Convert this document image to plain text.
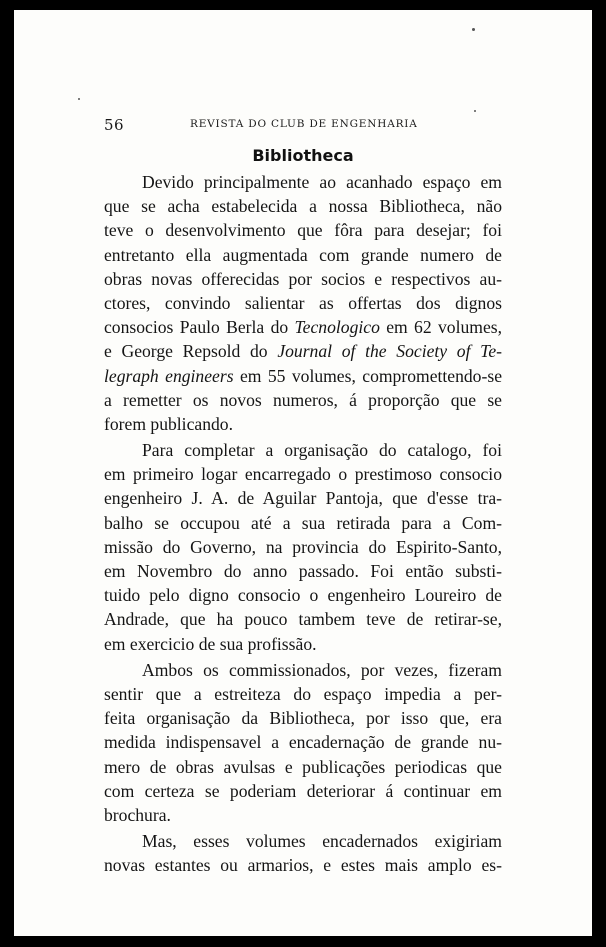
56	REVISTA DO CLUB DE ENGENHARIA
Bibliotheca

Devido principalmente ao acanhado espaço em
que se acha estabelecida a nossa Bibliotheca, não
teve o desenvolvimento que fôra para desejar; foi
entretanto ella augmentada com grande numero de
obras novas offerecidas por socios e respectivos au-
ctores, convindo salientar as offertas dos dignos
consocios Paulo Berla do Tecnologico em 62 volumes,
e George Repsold do Journal of the Society of Te-
legraph engineers em 55 volumes, compromettendo-se
a remetter os novos numeros, á proporção que se
forem publicando.

Para completar a organisação do catalogo, foi
em primeiro logar encarregado o prestimoso consocio
engenheiro J. A. de Aguilar Pantoja, que d'esse tra-
balho se occupou até a sua retirada para a Com-
missão do Governo, na provincia do Espirito-Santo,
em Novembro do anno passado. Foi então substi-
tuido pelo digno consocio o engenheiro Loureiro de
Andrade, que ha pouco tambem teve de retirar-se,
em exercicio de sua profissão.

Ambos os commissionados, por vezes, fizeram
sentir que a estreiteza do espaço impedia a per-
feita organisação da Bibliotheca, por isso que, era
medida indispensavel a encadernação de grande nu-
mero de obras avulsas e publicações periodicas que
com certeza se poderiam deteriorar á continuar em
brochura.

Mas, esses volumes encadernados exigiriam
novas estantes ou armarios, e estes mais amplo es-
